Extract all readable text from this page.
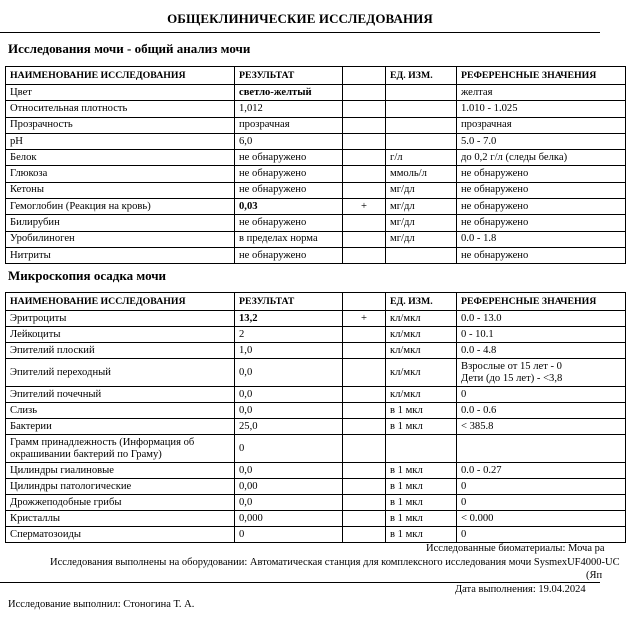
ОБЩЕКЛИНИЧЕСКИЕ ИССЛЕДОВАНИЯ
Исследования мочи - общий анализ мочи
НАИМЕНОВАНИЕ ИССЛЕДОВАНИЯ	РЕЗУЛЬТАТ		ЕД. ИЗМ.	РЕФЕРЕНСНЫЕ ЗНАЧЕНИЯ
Цвет	светло-желтый			желтая
Относительная плотность	1,012			1.010 - 1.025
Прозрачность	прозрачная			прозрачная
pH	6,0			5.0 - 7.0
Белок	не обнаружено		г/л	до 0,2 г/л (следы белка)
Глюкоза	не обнаружено		ммоль/л	не обнаружено
Кетоны	не обнаружено		мг/дл	не обнаружено
Гемоглобин (Реакция на кровь)	0,03	+	мг/дл	не обнаружено
Билирубин	не обнаружено		мг/дл	не обнаружено
Уробилиноген	в пределах норма		мг/дл	0.0 - 1.8
Нитриты	не обнаружено			не обнаружено
Микроскопия осадка мочи
НАИМЕНОВАНИЕ ИССЛЕДОВАНИЯ	РЕЗУЛЬТАТ		ЕД. ИЗМ.	РЕФЕРЕНСНЫЕ ЗНАЧЕНИЯ
Эритроциты	13,2	+	кл/мкл	0.0 - 13.0
Лейкоциты	2		кл/мкл	0 - 10.1
Эпителий плоский	1,0		кл/мкл	0.0 - 4.8
Эпителий переходный	0,0		кл/мкл	Взрослые от 15 лет - 0
Дети (до 15 лет) - <3,8

Эпителий почечный	0,0		кл/мкл	0
Слизь	0,0		в 1 мкл	0.0 - 0.6
Бактерии	25,0		в 1 мкл	< 385.8
Грамм принадлежность (Информация об окрашивании бактерий по Граму)	0			
Цилиндры гиалиновые	0,0		в 1 мкл	0.0 - 0.27
Цилиндры патологические	0,00		в 1 мкл	0
Дрожжеподобные грибы	0,0		в 1 мкл	0
Кристаллы	0,000		в 1 мкл	< 0.000
Сперматозоиды	0		в 1 мкл	0
Исследованные биоматериалы: Моча ра
Исследования выполнены на оборудовании: Автоматическая станция для комплексного исследования мочи SysmexUF4000-UC
(Яп
Дата выполнения: 19.04.2024
Исследование выполнил: Стоногина Т. А.
